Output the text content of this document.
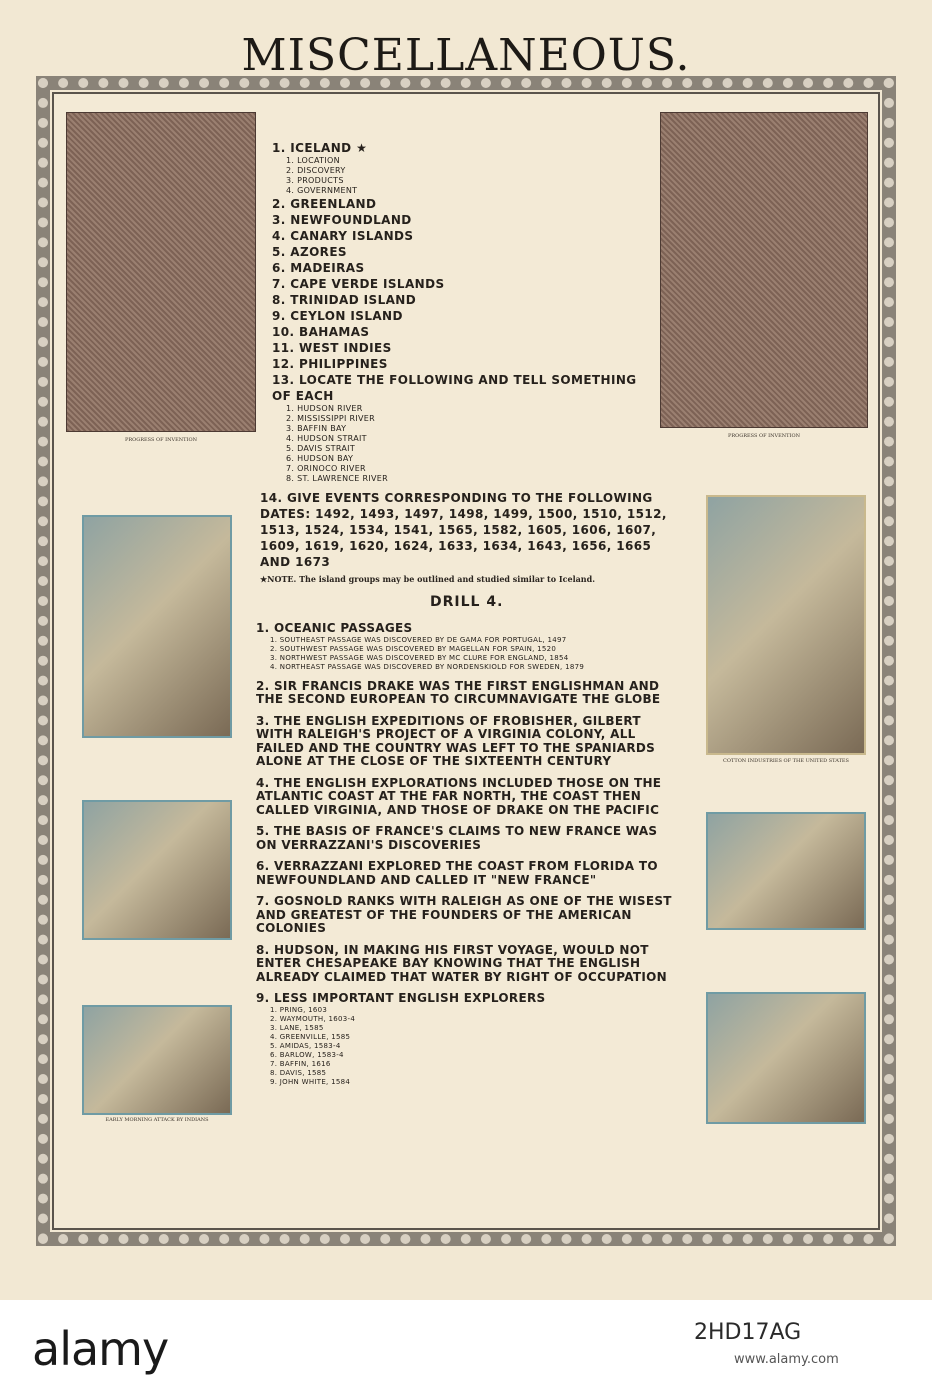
MISCELLANEOUS.
PROGRESS OF INVENTION
PROGRESS OF INVENTION
COTTON INDUSTRIES OF THE UNITED STATES
EARLY MORNING ATTACK BY INDIANS
1. ICELAND ★
1. LOCATION
2. DISCOVERY
3. PRODUCTS
4. GOVERNMENT
2. GREENLAND
3. NEWFOUNDLAND
4. CANARY ISLANDS
5. AZORES
6. MADEIRAS
7. CAPE VERDE ISLANDS
8. TRINIDAD ISLAND
9. CEYLON ISLAND
10. BAHAMAS
11. WEST INDIES
12. PHILIPPINES
13. LOCATE THE FOLLOWING AND TELL SOMETHING OF EACH
1. HUDSON RIVER
2. MISSISSIPPI RIVER
3. BAFFIN BAY
4. HUDSON STRAIT
5. DAVIS STRAIT
6. HUDSON BAY
7. ORINOCO RIVER
8. ST. LAWRENCE RIVER
14. GIVE EVENTS CORRESPONDING TO THE FOLLOWING DATES: 1492, 1493, 1497, 1498, 1499, 1500, 1510, 1512, 1513, 1524, 1534, 1541, 1565, 1582, 1605, 1606, 1607, 1609, 1619, 1620, 1624, 1633, 1634, 1643, 1656, 1665 AND 1673
★NOTE. The island groups may be outlined and studied similar to Iceland.
DRILL 4.
1. OCEANIC PASSAGES
1. SOUTHEAST PASSAGE WAS DISCOVERED BY DE GAMA FOR PORTUGAL, 1497
2. SOUTHWEST PASSAGE WAS DISCOVERED BY MAGELLAN FOR SPAIN, 1520
3. NORTHWEST PASSAGE WAS DISCOVERED BY MC CLURE FOR ENGLAND, 1854
4. NORTHEAST PASSAGE WAS DISCOVERED BY NORDENSKIOLD FOR SWEDEN, 1879
2. SIR FRANCIS DRAKE WAS THE FIRST ENGLISHMAN AND THE SECOND EUROPEAN TO CIRCUMNAVIGATE THE GLOBE
3. THE ENGLISH EXPEDITIONS OF FROBISHER, GILBERT WITH RALEIGH'S PROJECT OF A VIRGINIA COLONY, ALL FAILED AND THE COUNTRY WAS LEFT TO THE SPANIARDS ALONE AT THE CLOSE OF THE SIXTEENTH CENTURY
4. THE ENGLISH EXPLORATIONS INCLUDED THOSE ON THE ATLANTIC COAST AT THE FAR NORTH, THE COAST THEN CALLED VIRGINIA, AND THOSE OF DRAKE ON THE PACIFIC
5. THE BASIS OF FRANCE'S CLAIMS TO NEW FRANCE WAS ON VERRAZZANI'S DISCOVERIES
6. VERRAZZANI EXPLORED THE COAST FROM FLORIDA TO NEWFOUNDLAND AND CALLED IT "NEW FRANCE"
7. GOSNOLD RANKS WITH RALEIGH AS ONE OF THE WISEST AND GREATEST OF THE FOUNDERS OF THE AMERICAN COLONIES
8. HUDSON, IN MAKING HIS FIRST VOYAGE, WOULD NOT ENTER CHESAPEAKE BAY KNOWING THAT THE ENGLISH ALREADY CLAIMED THAT WATER BY RIGHT OF OCCUPATION
9. LESS IMPORTANT ENGLISH EXPLORERS
1. PRING, 1603
2. WAYMOUTH, 1603-4
3. LANE, 1585
4. GREENVILLE, 1585
5. AMIDAS, 1583-4
6. BARLOW, 1583-4
7. BAFFIN, 1616
8. DAVIS, 1585
9. JOHN WHITE, 1584
alamy	2HD17AG
www.alamy.com
